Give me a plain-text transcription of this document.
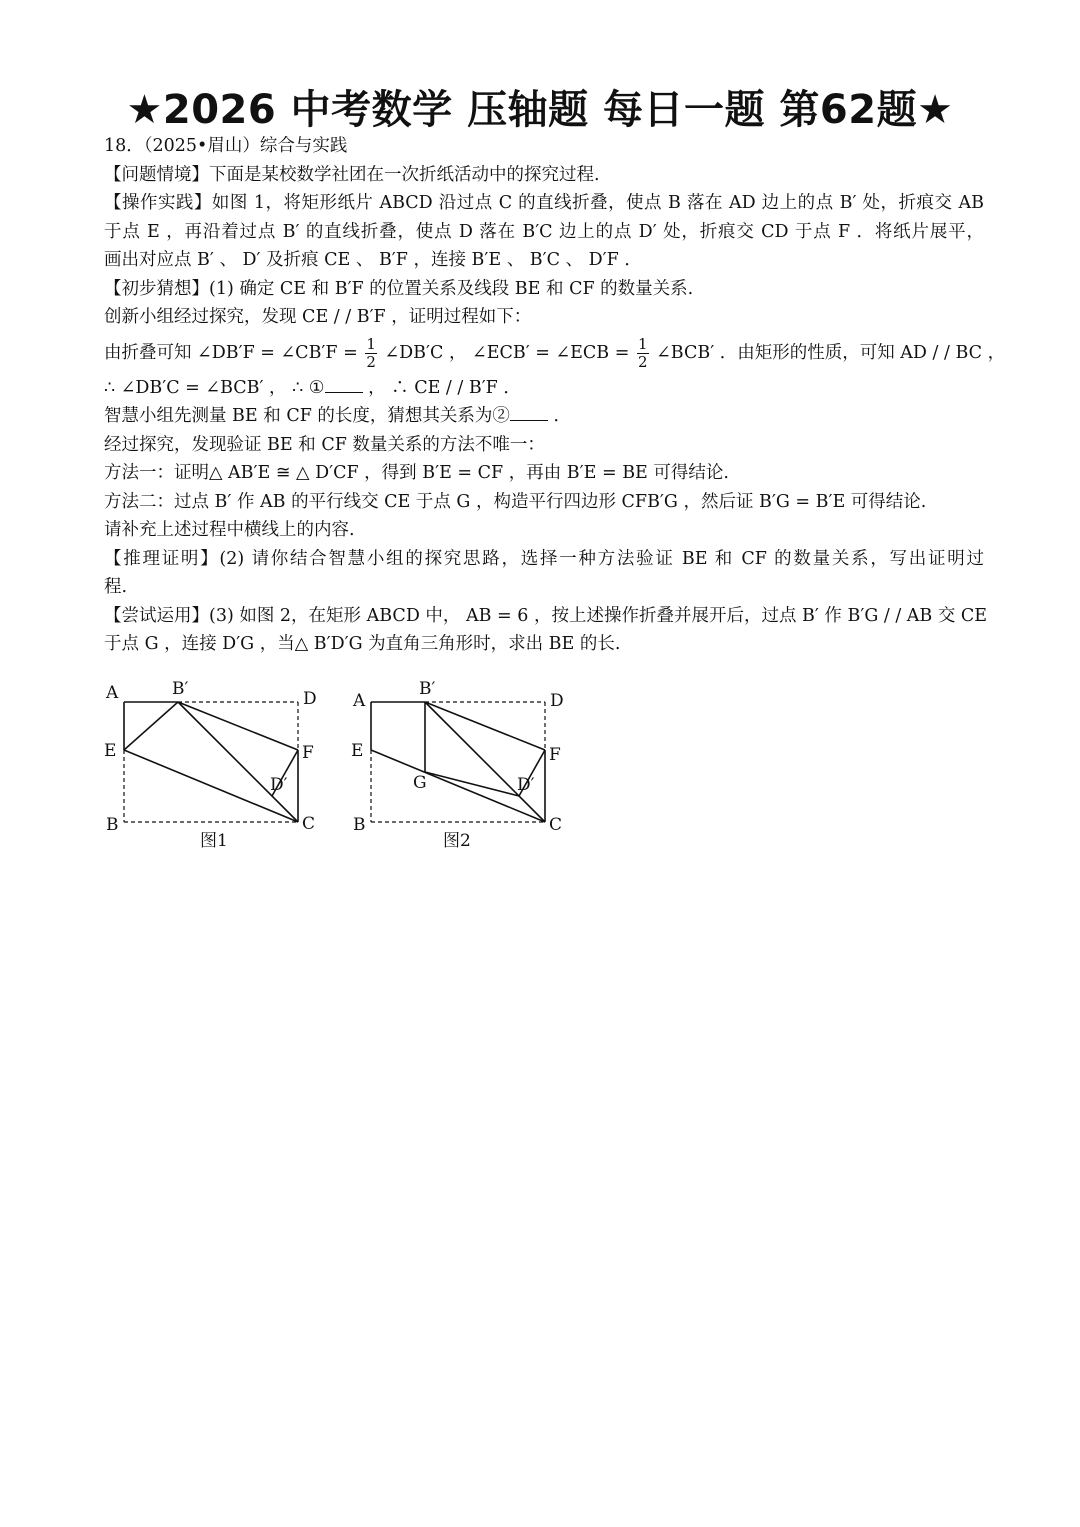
★2026 中考数学 压轴题 每日一题 第62题★
18．（2025•眉山）综合与实践
【问题情境】下面是某校数学社团在一次折纸活动中的探究过程.
【操作实践】如图 1，将矩形纸片 ABCD 沿过点 C 的直线折叠，使点 B 落在 AD 边上的点 B′ 处，折痕交 AB
于点 E ，再沿着过点 B′ 的直线折叠，使点 D 落在 B′C 边上的点 D′ 处，折痕交 CD 于点 F ．将纸片展平，
画出对应点 B′ 、 D′ 及折痕 CE 、 B′F ，连接 B′E 、 B′C 、 D′F ．
【初步猜想】(1) 确定 CE 和 B′F 的位置关系及线段 BE 和 CF 的数量关系.
创新小组经过探究，发现 CE / / B′F ，证明过程如下：
由折叠可知 ∠DB′F = ∠CB′F = $\frac{1}{2}$ ∠DB′C ， ∠ECB′ = ∠ECB = $\frac{1}{2}$ ∠BCB′ ．由矩形的性质，可知 AD / / BC ，
∴ ∠DB′C = ∠BCB′ ， ∴ ① ， ∴ CE / / B′F ．
智慧小组先测量 BE 和 CF 的长度，猜想其关系为② ．
经过探究，发现验证 BE 和 CF 数量关系的方法不唯一：
方法一：证明△ AB′E ≅ △ D′CF ，得到 B′E = CF ，再由 B′E = BE 可得结论.
方法二：过点 B′ 作 AB 的平行线交 CE 于点 G ，构造平行四边形 CFB′G ，然后证 B′G = B′E 可得结论.
请补充上述过程中横线上的内容.
【推理证明】(2) 请你结合智慧小组的探究思路，选择一种方法验证 BE 和 CF 的数量关系，写出证明过
程.
【尝试运用】(3) 如图 2，在矩形 ABCD 中， AB = 6 ，按上述操作折叠并展开后，过点 B′ 作 B′G / / AB 交 CE
于点 G ，连接 D′G ，当△ B′D′G 为直角三角形时，求出 BE 的长.
A	B′	D
E	F
D′
B	C
图1
A
B′
D
E	F
G	D′
B	C
图2
